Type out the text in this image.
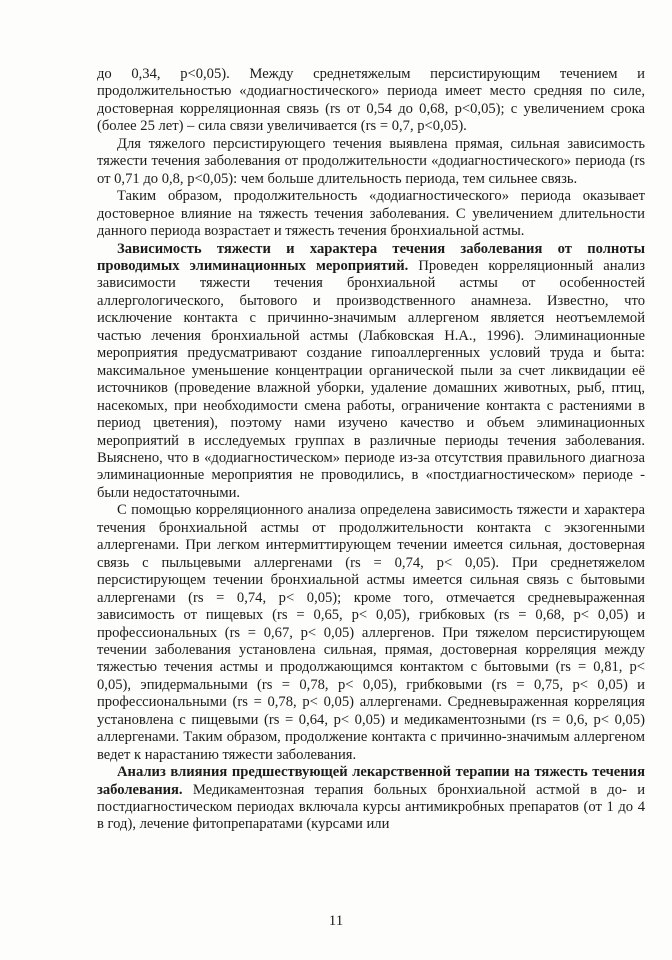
до 0,34, р<0,05). Между среднетяжелым персистирующим течением и продолжительностью «додиагностического» периода имеет место средняя по силе, достоверная корреляционная связь (rs от 0,54 до 0,68, р<0,05); с увеличением срока (более 25 лет) – сила связи увеличивается (rs = 0,7, р<0,05).

Для тяжелого персистирующего течения выявлена прямая, сильная зависимость тяжести течения заболевания от продолжительности «додиагностического» периода (rs от 0,71 до 0,8, р<0,05): чем больше длительность периода, тем сильнее связь.

Таким образом, продолжительность «додиагностического» периода оказывает достоверное влияние на тяжесть течения заболевания. С увеличением длительности данного периода возрастает и тяжесть течения бронхиальной астмы.

Зависимость тяжести и характера течения заболевания от полноты проводимых элиминационных мероприятий. Проведен корреляционный анализ зависимости тяжести течения бронхиальной астмы от особенностей аллергологического, бытового и производственного анамнеза. Известно, что исключение контакта с причинно-значимым аллергеном является неотъемлемой частью лечения бронхиальной астмы (Лабковская Н.А., 1996). Элиминационные мероприятия предусматривают создание гипоаллергенных условий труда и быта: максимальное уменьшение концентрации органической пыли за счет ликвидации её источников (проведение влажной уборки, удаление домашних животных, рыб, птиц, насекомых, при необходимости смена работы, ограничение контакта с растениями в период цветения), поэтому нами изучено качество и объем элиминационных мероприятий в исследуемых группах в различные периоды течения заболевания. Выяснено, что в «додиагностическом» периоде из-за отсутствия правильного диагноза элиминационные мероприятия не проводились, в «постдиагностическом» периоде - были недостаточными.

С помощью корреляционного анализа определена зависимость тяжести и характера течения бронхиальной астмы от продолжительности контакта с экзогенными аллергенами. При легком интермиттирующем течении имеется сильная, достоверная связь с пыльцевыми аллергенами (rs = 0,74, р< 0,05). При среднетяжелом персистирующем течении бронхиальной астмы имеется сильная связь с бытовыми аллергенами (rs = 0,74, р< 0,05); кроме того, отмечается средневыраженная зависимость от пищевых (rs = 0,65, р< 0,05), грибковых (rs = 0,68, р< 0,05) и профессиональных (rs = 0,67, р< 0,05) аллергенов. При тяжелом персистирующем течении заболевания установлена сильная, прямая, достоверная корреляция между тяжестью течения астмы и продолжающимся контактом с бытовыми (rs = 0,81, р< 0,05), эпидермальными (rs = 0,78, р< 0,05), грибковыми (rs = 0,75, р< 0,05) и профессиональными (rs = 0,78, р< 0,05) аллергенами. Средневыраженная корреляция установлена с пищевыми (rs = 0,64, р< 0,05) и медикаментозными (rs = 0,6, р< 0,05) аллергенами. Таким образом, продолжение контакта с причинно-значимым аллергеном ведет к нарастанию тяжести заболевания.

Анализ влияния предшествующей лекарственной терапии на тяжесть течения заболевания. Медикаментозная терапия больных бронхиальной астмой в до- и постдиагностическом периодах включала курсы антимикробных препаратов (от 1 до 4 в год), лечение фитопрепаратами (курсами или

11
